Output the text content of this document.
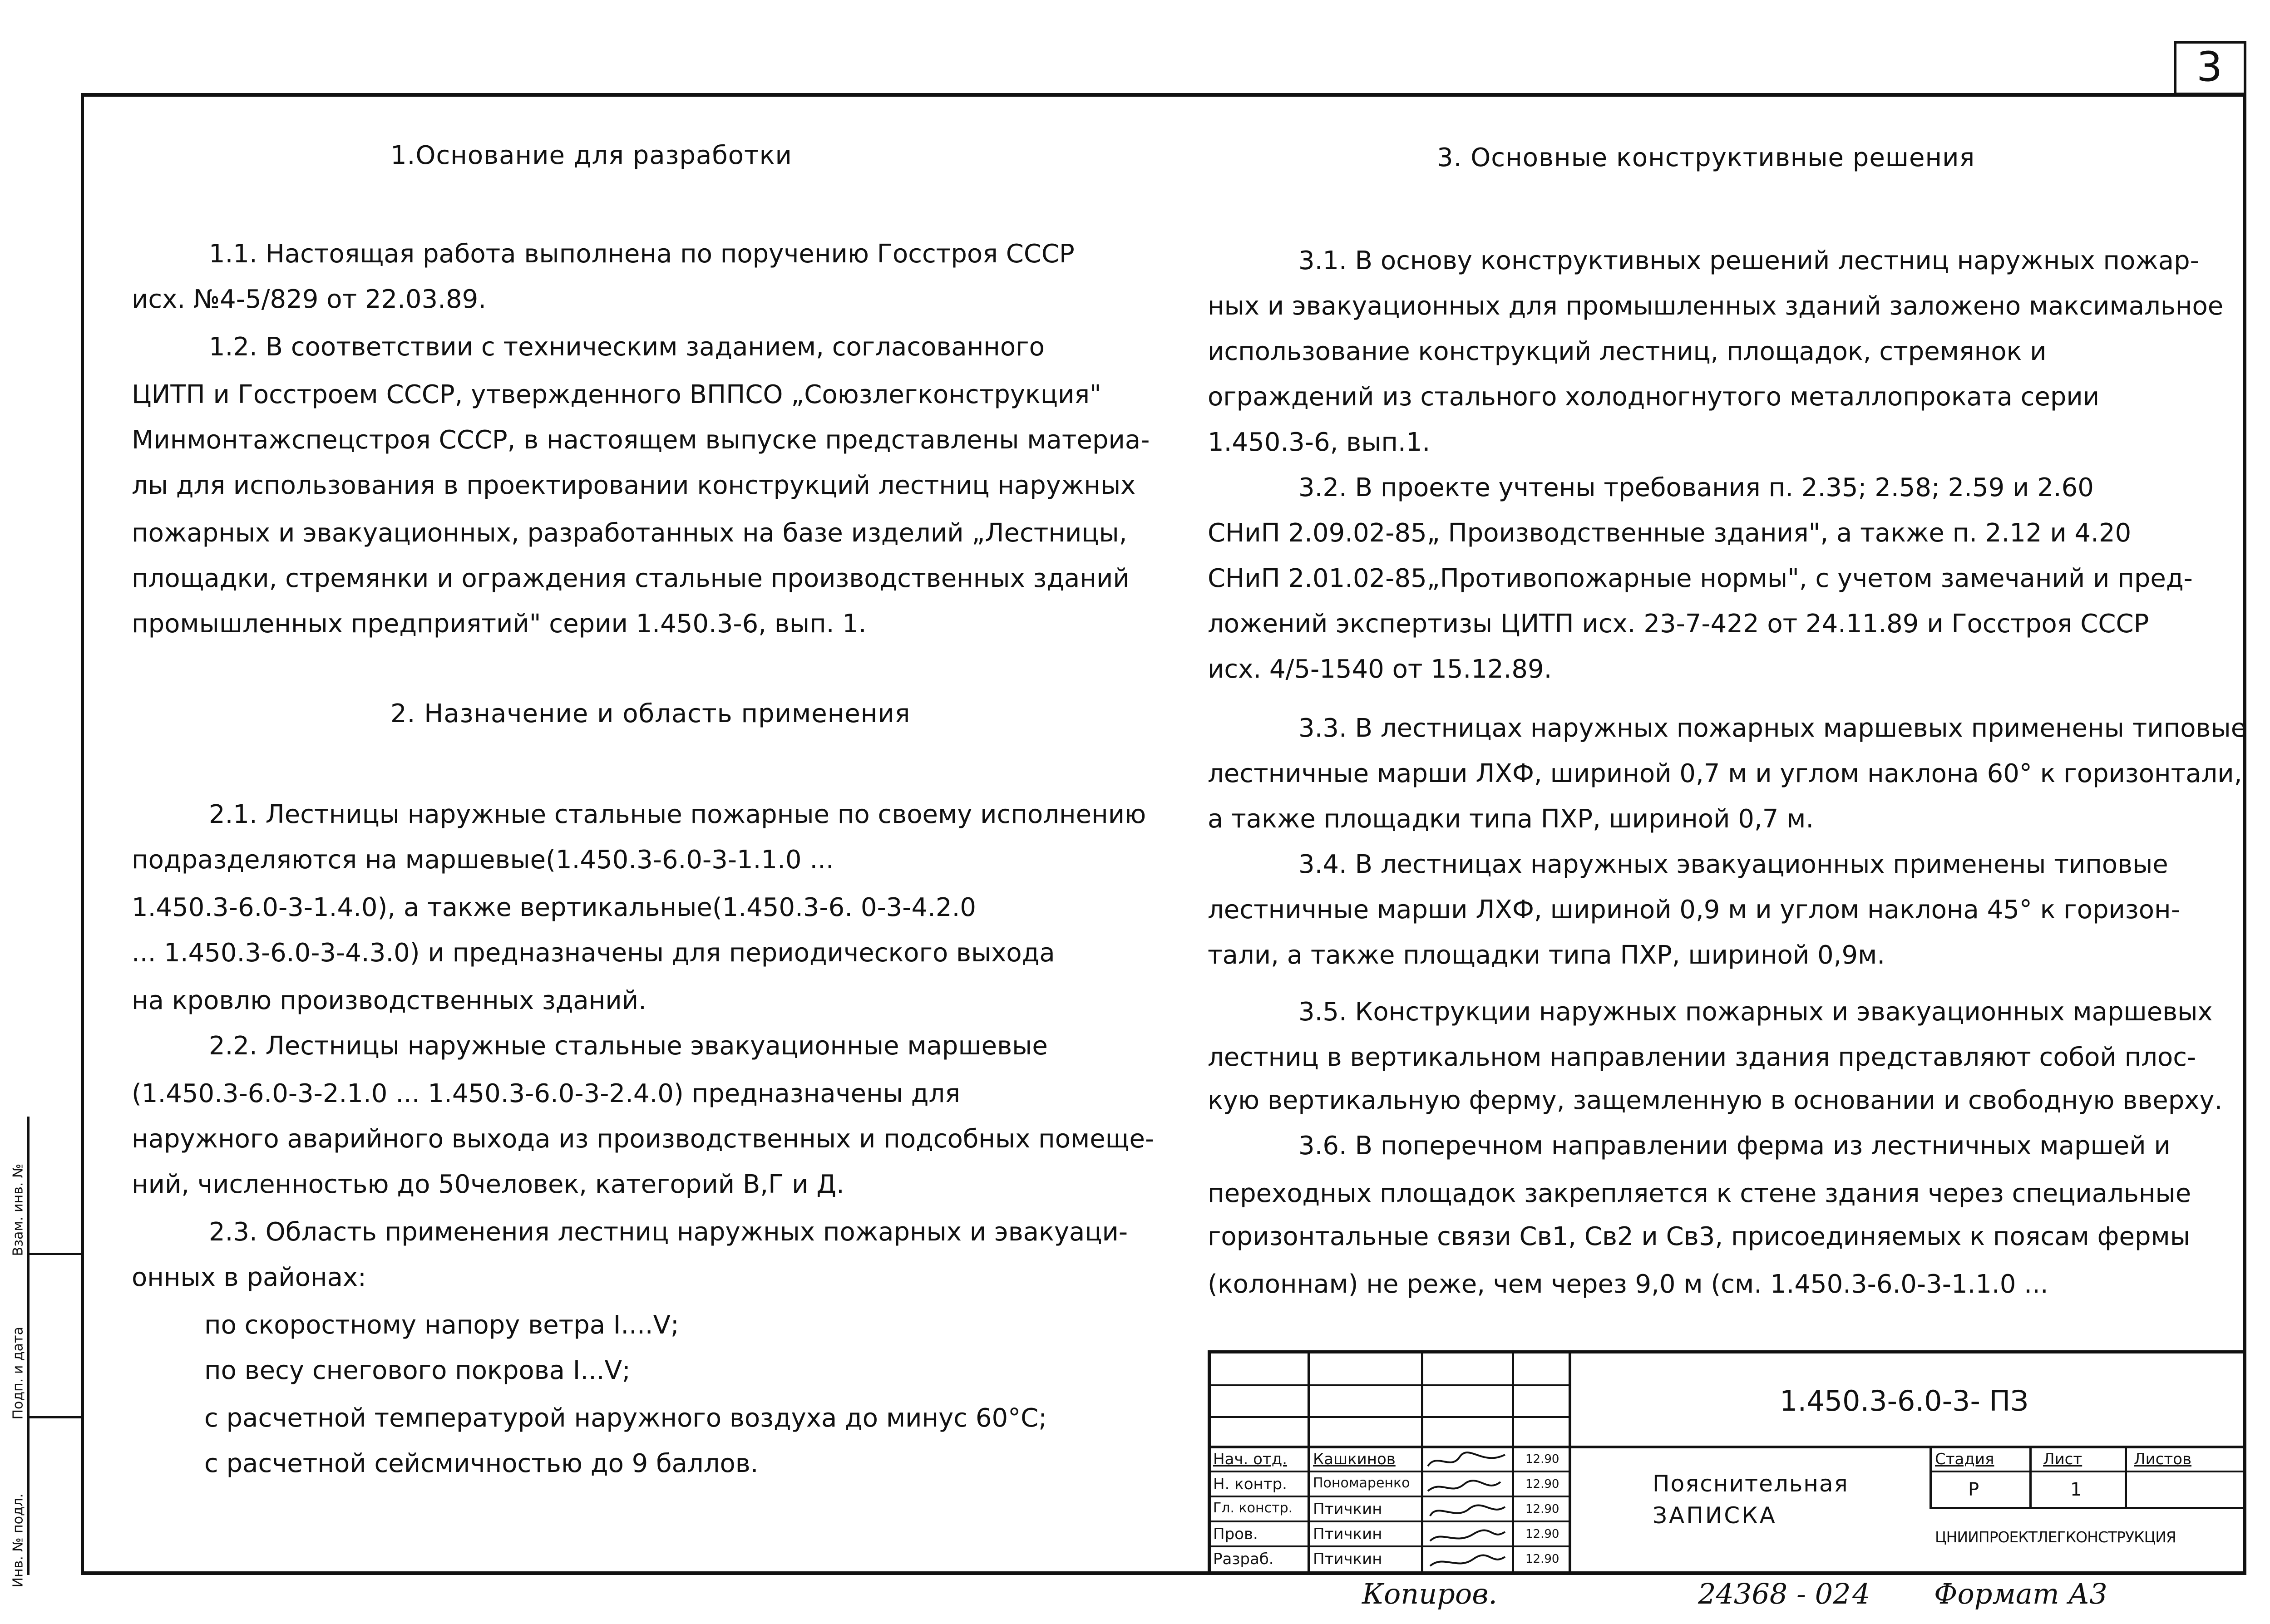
3
Инв. № подл.
Подп. и дата
Взам. инв. №
1.Основание для разработки
1.1. Настоящая работа выполнена по поручению Госстроя СССР
исх. №4-5/829 от 22.03.89.
1.2. В соответствии с техническим заданием, согласованного
ЦИТП и Госстроем СССР, утвержденного ВППСО „Союзлегконструкция"
Минмонтажспецстроя СССР, в настоящем выпуске представлены материа-
лы для использования в проектировании конструкций лестниц наружных
пожарных и эвакуационных, разработанных на базе изделий „Лестницы,
площадки, стремянки и ограждения стальные производственных зданий
промышленных предприятий" серии 1.450.3-6, вып. 1.
2. Назначение и область применения
2.1. Лестницы наружные стальные пожарные по своему исполнению
подразделяются на маршевые(1.450.3-6.0-3-1.1.0 ...
1.450.3-6.0-3-1.4.0), а также вертикальные(1.450.3-6. 0-3-4.2.0
... 1.450.3-6.0-3-4.3.0) и предназначены для периодического выхода
на кровлю производственных зданий.
2.2. Лестницы наружные стальные эвакуационные маршевые
(1.450.3-6.0-3-2.1.0 ... 1.450.3-6.0-3-2.4.0) предназначены для
наружного аварийного выхода из производственных и подсобных помеще-
ний, численностью до 50человек, категорий В,Г и Д.
2.3. Область применения лестниц наружных пожарных и эвакуаци-
онных в районах:
по скоростному напору ветра I....V;
по весу снегового покрова I...V;
с расчетной температурой наружного воздуха до минус 60°С;
с расчетной сейсмичностью до 9 баллов.
3. Основные конструктивные решения
3.1. В основу конструктивных решений лестниц наружных пожар-
ных и эвакуационных для промышленных зданий заложено максимальное
использование конструкций лестниц, площадок, стремянок и
ограждений из стального холодногнутого металлопроката серии
1.450.3-6, вып.1.
3.2. В проекте учтены требования п. 2.35; 2.58; 2.59 и 2.60
СНиП 2.09.02-85„ Производственные здания", а также п. 2.12 и 4.20
СНиП 2.01.02-85„Противопожарные нормы", с учетом замечаний и пред-
ложений экспертизы ЦИТП исх. 23-7-422 от 24.11.89 и Госстроя СССР
исх. 4/5-1540 от 15.12.89.
3.3. В лестницах наружных пожарных маршевых применены типовые
лестничные марши ЛХФ, шириной 0,7 м и углом наклона 60° к горизонтали,
а также площадки типа ПХР, шириной 0,7 м.
3.4. В лестницах наружных эвакуационных применены типовые
лестничные марши ЛХФ, шириной 0,9 м и углом наклона 45° к горизон-
тали, а также площадки типа ПХР, шириной 0,9м.
3.5. Конструкции наружных пожарных и эвакуационных маршевых
лестниц в вертикальном направлении здания представляют собой плос-
кую вертикальную ферму, защемленную в основании и свободную вверху.
3.6. В поперечном направлении ферма из лестничных маршей и
переходных площадок закрепляется к стене здания через специальные
горизонтальные связи Св1, Св2 и Св3, присоединяемых к поясам фермы
(колоннам) не реже, чем через 9,0 м (см. 1.450.3-6.0-3-1.1.0 ...
1.450.3-6.0-3- ПЗ
Пояснительная
ЗАПИСКА
Стадия	Лист	Листов
Р	1
ЦНИИПРОЕКТЛЕГКОНСТРУКЦИЯ
Нач. отд. Кашкинов	12.90
Н. контр. Пономаренко	12.90
Гл. констр. Птичкин	12.90
Пров.	Птичкин	12.90
Разраб.	Птичкин	12.90
Копиров.	24368 - 02 4 Формат А3
